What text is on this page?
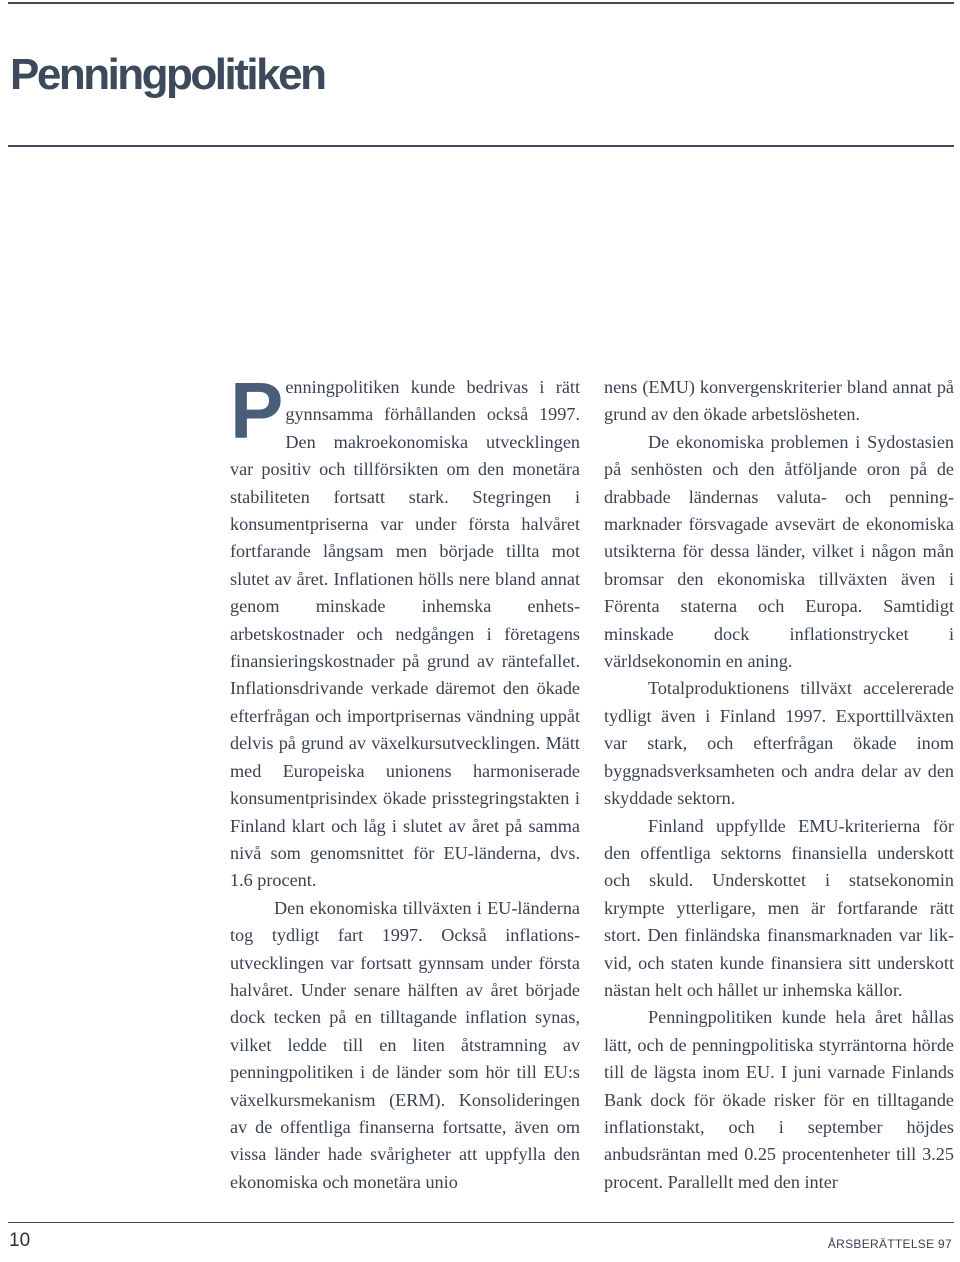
Penningpolitiken

Penningpolitiken kunde bedrivas i rätt gynnsamma förhållanden också 1997. Den makroekonomiska utvecklingen var positiv och tillförsikten om den monetära stabiliteten fortsatt stark. Stegringen i konsumentpriserna var under första halvåret fortfarande långsam men började tillta mot slutet av året. Inflationen hölls nere bland annat genom minskade inhemska enhetsarbetskostnader och nedgången i företagens finansieringskostnader på grund av räntefallet. Inflationsdrivande verkade däremot den ökade efterfrågan och importprisernas vändning uppåt delvis på grund av växelkursutvecklingen. Mätt med Europeiska unionens harmoniserade konsumentprisindex ökade prisstegringstakten i Finland klart och låg i slutet av året på samma nivå som genomsnittet för EU-länderna, dvs. 1.6 procent.

Den ekonomiska tillväxten i EU-länderna tog tydligt fart 1997. Också inflationsutvecklingen var fortsatt gynnsam under första halvåret. Under senare hälften av året började dock tecken på en tilltagande inflation synas, vilket ledde till en liten åtstramning av penningpolitiken i de länder som hör till EU:s växelkursmekanism (ERM). Konsolideringen av de offentliga finanserna fortsatte, även om vissa länder hade svårigheter att uppfylla den ekonomiska och monetära unio

nens (EMU) konvergenskriterier bland annat på grund av den ökade arbetslösheten.

De ekonomiska problemen i Sydostasien på senhösten och den åtföljande oron på de drabbade ländernas valuta- och penningmarknader försvagade avsevärt de ekonomiska utsikterna för dessa länder, vilket i någon mån bromsar den ekonomiska tillväxten även i Förenta staterna och Europa. Samtidigt minskade dock inflationstrycket i världsekonomin en aning.

Totalproduktionens tillväxt accelererade tydligt även i Finland 1997. Exporttillväxten var stark, och efterfrågan ökade inom byggnadsverksamheten och andra delar av den skyddade sektorn.

Finland uppfyllde EMU-kriterierna för den offentliga sektorns finansiella underskott och skuld. Underskottet i statsekonomin krympte ytterligare, men är fortfarande rätt stort. Den finländska finansmarknaden var likvid, och staten kunde finansiera sitt underskott nästan helt och hållet ur inhemska källor.

Penningpolitiken kunde hela året hållas lätt, och de penningpolitiska styrräntorna hörde till de lägsta inom EU. I juni varnade Finlands Bank dock för ökade risker för en tilltagande inflationstakt, och i september höjdes anbudsräntan med 0.25 procentenheter till 3.25 procent. Parallellt med den inter

10	ÅRSBERÄTTELSE 97
